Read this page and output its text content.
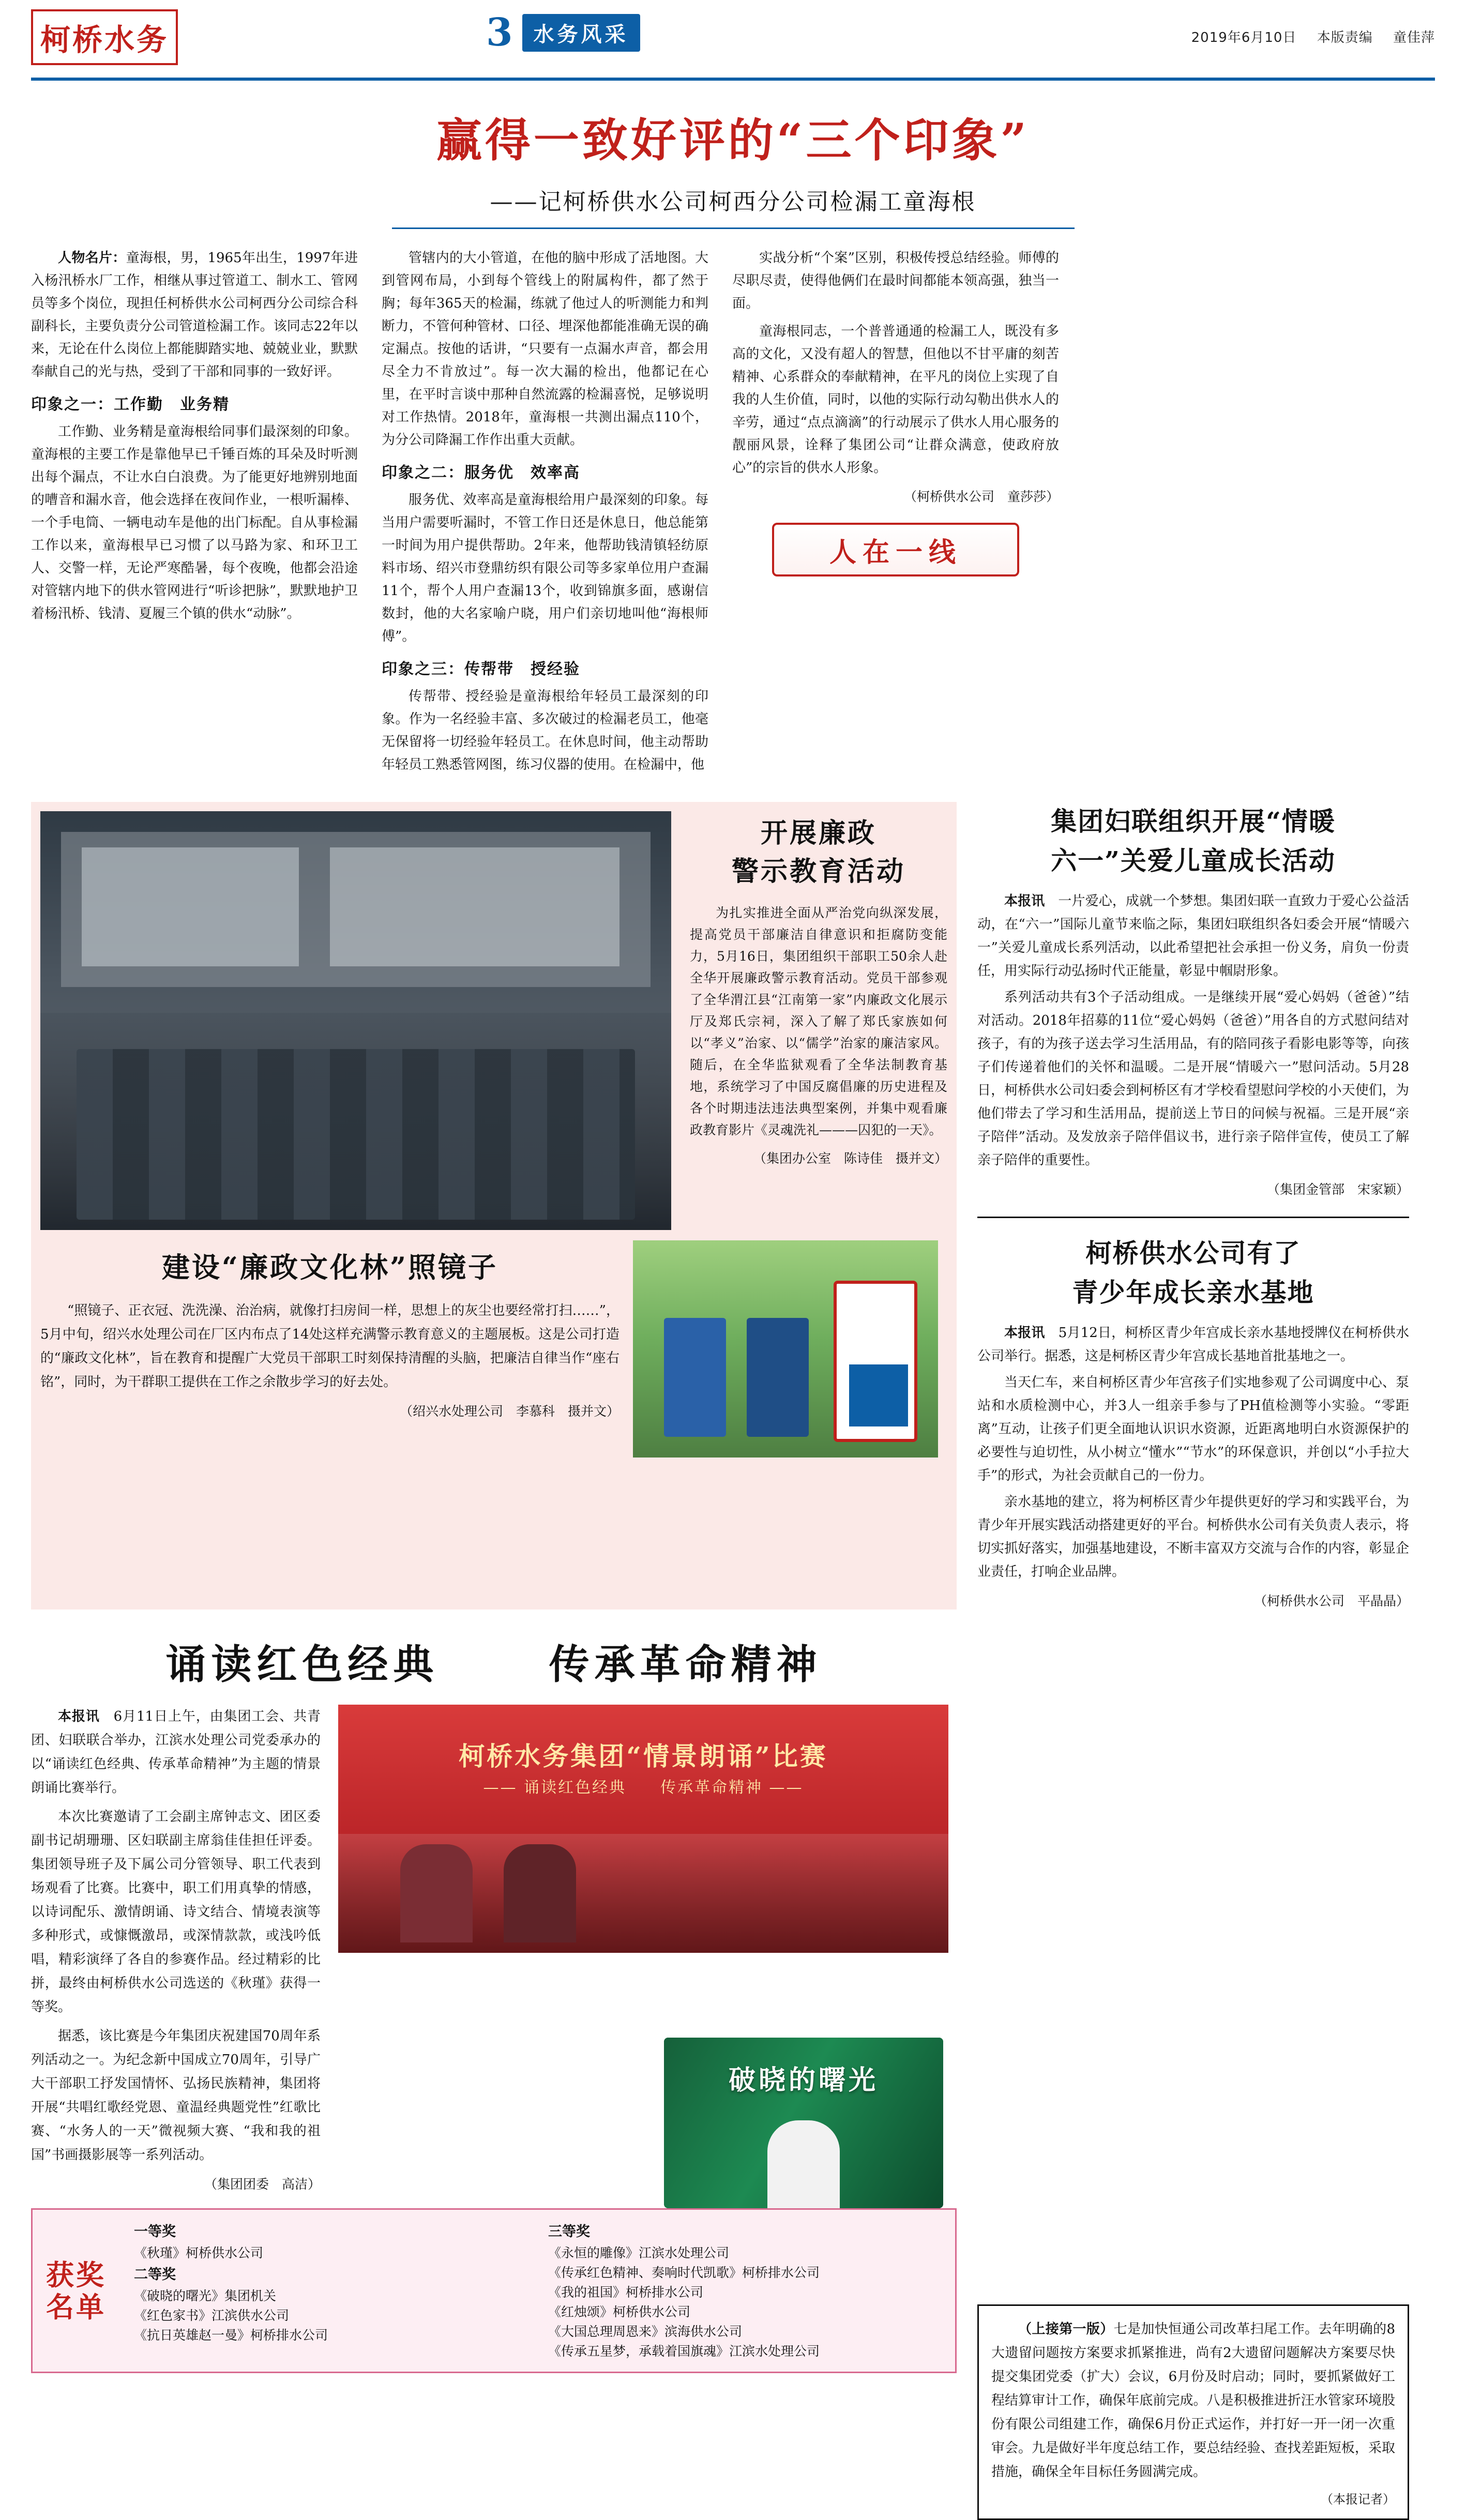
柯桥水务	3	水务风采	2019年6月10日 本版责编 童佳萍
赢得一致好评的“三个印象”
——记柯桥供水公司柯西分公司检漏工童海根

人物名片：童海根，男，1965年出生，1997年进入杨汛桥水厂工作，相继从事过管道工、制水工、管网员等多个岗位，现担任柯桥供水公司柯西分公司综合科副科长，主要负责分公司管道检漏工作。该同志22年以来，无论在什么岗位上都能脚踏实地、兢兢业业，默默奉献自己的光与热，受到了干部和同事的一致好评。

印象之一：工作勤　业务精

工作勤、业务精是童海根给同事们最深刻的印象。童海根的主要工作是靠他早已千锤百炼的耳朵及时听测出每个漏点，不让水白白浪费。为了能更好地辨别地面的嘈音和漏水音，他会选择在夜间作业，一根听漏棒、一个手电筒、一辆电动车是他的出门标配。自从事检漏工作以来，童海根早已习惯了以马路为家、和环卫工人、交警一样，无论严寒酷暑，每个夜晚，他都会沿途对管辖内地下的供水管网进行“听诊把脉”，默默地护卫着杨汛桥、钱清、夏履三个镇的供水“动脉”。

管辖内的大小管道，在他的脑中形成了活地图。大到管网布局，小到每个管线上的附属构件，都了然于胸；每年365天的检漏，练就了他过人的听测能力和判断力，不管何种管材、口径、埋深他都能准确无误的确定漏点。按他的话讲，“只要有一点漏水声音，都会用尽全力不肯放过”。每一次大漏的检出，他都记在心里，在平时言谈中那种自然流露的检漏喜悦，足够说明对工作热情。2018年，童海根一共测出漏点110个，为分公司降漏工作作出重大贡献。

印象之二：服务优　效率高

服务优、效率高是童海根给用户最深刻的印象。每当用户需要听漏时，不管工作日还是休息日，他总能第一时间为用户提供帮助。2年来，他帮助钱清镇轻纺原料市场、绍兴市登鼎纺织有限公司等多家单位用户查漏11个，帮个人用户查漏13个，收到锦旗多面，感谢信数封，他的大名家喻户晓，用户们亲切地叫他“海根师傅”。

印象之三：传帮带　授经验

传帮带、授经验是童海根给年轻员工最深刻的印象。作为一名经验丰富、多次破过的检漏老员工，他毫无保留将一切经验年轻员工。在休息时间，他主动帮助年轻员工熟悉管网图，练习仪器的使用。在检漏中，他

实战分析“个案”区别，积极传授总结经验。师傅的尽职尽责，使得他俩们在最时间都能本领高强，独当一面。

童海根同志，一个普普通通的检漏工人，既没有多高的文化，又没有超人的智慧，但他以不甘平庸的刻苦精神、心系群众的奉献精神，在平凡的岗位上实现了自我的人生价值，同时，以他的实际行动勾勒出供水人的辛劳，通过“点点滴滴”的行动展示了供水人用心服务的靓丽风景，诠释了集团公司“让群众满意，使政府放心”的宗旨的供水人形象。

（柯桥供水公司　童莎莎）
人在一线
开展廉政
警示教育活动

为扎实推进全面从严治党向纵深发展，提高党员干部廉洁自律意识和拒腐防变能力，5月16日，集团组织干部职工50余人赴全华开展廉政警示教育活动。党员干部参观了全华渭江县“江南第一家”内廉政文化展示厅及郑氏宗祠，深入了解了郑氏家族如何以“孝义”治家、以“儒学”治家的廉洁家风。随后，在全华监狱观看了全华法制教育基地，系统学习了中国反腐倡廉的历史进程及各个时期违法违法典型案例，并集中观看廉政教育影片《灵魂洗礼———囚犯的一天》。

（集团办公室　陈诗佳　摄并文）
建设“廉政文化林”照镜子

“照镜子、正衣冠、洗洗澡、治治病，就像打扫房间一样，思想上的灰尘也要经常打扫……”，5月中旬，绍兴水处理公司在厂区内布点了14处这样充满警示教育意义的主题展板。这是公司打造的“廉政文化林”，旨在教育和提醒广大党员干部职工时刻保持清醒的头脑，把廉洁自律当作“座右铭”，同时，为干群职工提供在工作之余散步学习的好去处。

（绍兴水处理公司　李慕科　摄并文）
集团妇联组织开展“情暖
六一”关爱儿童成长活动

本报讯　 一片爱心，成就一个梦想。集团妇联一直致力于爱心公益活动，在“六一”国际儿童节来临之际，集团妇联组织各妇委会开展“情暖六一”关爱儿童成长系列活动，以此希望把社会承担一份义务，肩负一份责任，用实际行动弘扬时代正能量，彰显中帼尉形象。

系列活动共有3个子活动组成。一是继续开展“爱心妈妈（爸爸）”结对活动。2018年招募的11位“爱心妈妈（爸爸）”用各自的方式慰问结对孩子，有的为孩子送去学习生活用品，有的陪同孩子看影电影等等，向孩子们传递着他们的关怀和温暖。二是开展“情暖六一”慰问活动。5月28日，柯桥供水公司妇委会到柯桥区有才学校看望慰问学校的小天使们，为他们带去了学习和生活用品，提前送上节日的问候与祝福。三是开展“亲子陪伴”活动。及发放亲子陪伴倡议书，进行亲子陪伴宣传，使员工了解亲子陪伴的重要性。

（集团金管部　宋家颖）
柯桥供水公司有了
青少年成长亲水基地

本报讯　 5月12日，柯桥区青少年宫成长亲水基地授牌仪在柯桥供水公司举行。据悉，这是柯桥区青少年宫成长基地首批基地之一。

当天仁车，来自柯桥区青少年宫孩子们实地参观了公司调度中心、泵站和水质检测中心，并3人一组亲手参与了PH值检测等小实验。“零距离”互动，让孩子们更全面地认识识水资源，近距离地明白水资源保护的必要性与迫切性，从小树立“懂水”“节水”的环保意识，并创以“小手拉大手”的形式，为社会贡献自己的一份力。

亲水基地的建立，将为柯桥区青少年提供更好的学习和实践平台，为青少年开展实践活动搭建更好的平台。柯桥供水公司有关负责人表示，将切实抓好落实，加强基地建设，不断丰富双方交流与合作的内容，彰显企业责任，打响企业品牌。

（柯桥供水公司　平晶晶）
诵读红色经典　　	传承革命精神

本报讯　 6月11日上午，由集团工会、共青团、妇联联合举办，江滨水处理公司党委承办的以“诵读红色经典、传承革命精神”为主题的情景朗诵比赛举行。

本次比赛邀请了工会副主席钟志文、团区委副书记胡珊珊、区妇联副主席翁佳佳担任评委。集团领导班子及下属公司分管领导、职工代表到场观看了比赛。比赛中，职工们用真挚的情感，以诗词配乐、激情朗诵、诗文结合、情境表演等多种形式，或慷慨激昂，或深情款款，或浅吟低唱，精彩演绎了各自的参赛作品。经过精彩的比拼，最终由柯桥供水公司选送的《秋瑾》获得一等奖。

据悉，该比赛是今年集团庆祝建国70周年系列活动之一。为纪念新中国成立70周年，引导广大干部职工抒发国情怀、弘扬民族精神，集团将开展“共唱红歌经党恩、童温经典题党性”红歌比赛、“水务人的一天”微视频大赛、“我和我的祖国”书画摄影展等一系列活动。

（集团团委　高洁）
柯桥水务集团“情景朗诵”比赛
—— 诵读红色经典　　传承革命精神 ——
破晓的曙光
获奖名单
一等奖
《秋瑾》柯桥供水公司
二等奖
《破晓的曙光》集团机关
《红色家书》江滨供水公司
《抗日英雄赵一曼》柯桥排水公司
三等奖
《永恒的雕像》江滨水处理公司
《传承红色精神、奏响时代凯歌》柯桥排水公司
《我的祖国》柯桥排水公司
《红烛颂》柯桥供水公司
《大国总理周恩来》滨海供水公司
《传承五星梦，承载着国旗魂》江滨水处理公司

（上接第一版）七是加快恒通公司改革扫尾工作。去年明确的8大遗留问题按方案要求抓紧推进，尚有2大遗留问题解决方案要尽快提交集团党委（扩大）会议，6月份及时启动；同时，要抓紧做好工程结算审计工作，确保年底前完成。八是积极推进折汪水管家环境股份有限公司组建工作，确保6月份正式运作，并打好一开一闭一次重审会。九是做好半年度总结工作，要总结经验、查找差距短板，采取措施，确保全年目标任务圆满完成。

（本报记者）
